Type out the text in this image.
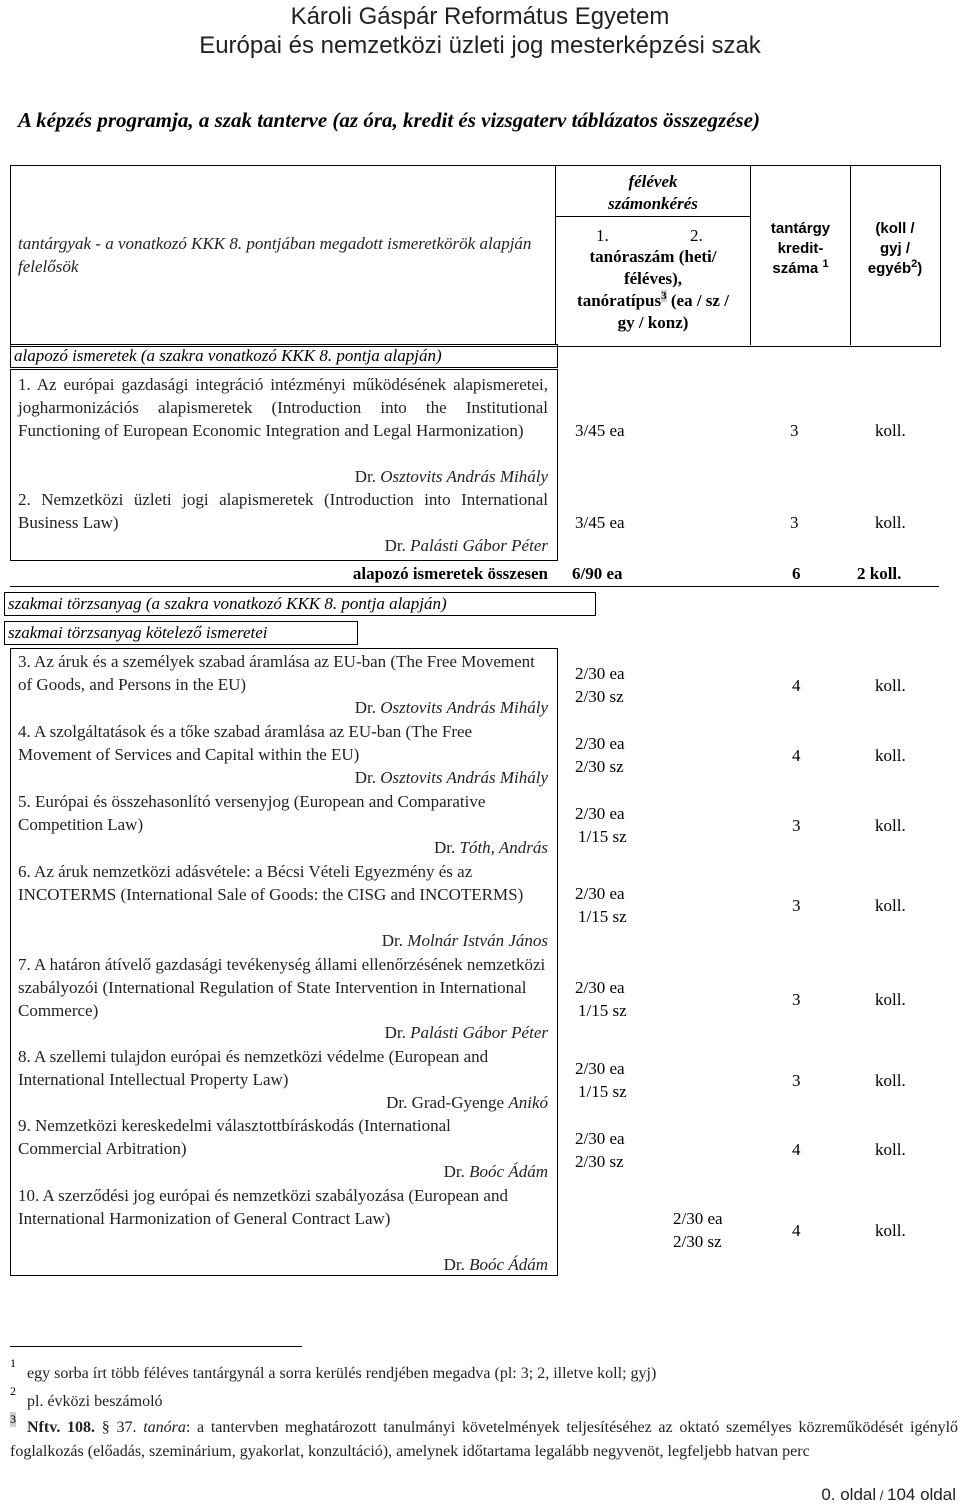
Károli Gáspár Református Egyetem
Európai és nemzetközi üzleti jog mesterképzési szak
A képzés programja, a szak tanterve (az óra, kredit és vizsgaterv táblázatos összegzése)
tantárgyak - a vonatkozó KKK 8. pontjában megadott ismeretkörök alapján felelősök
félévek
számonkérés
1.	2.
tanóraszám (heti/
féléves),
tanóratípus$^3$ (ea / sz /
gy / konz)
tantárgy
kredit-
száma $^1$
(koll /
gyj /
egyéb$^2$)
alapozó ismeretek (a szakra vonatkozó KKK 8. pontja alapján)
1. Az európai gazdasági integráció intézményi működésének alapismeretei, jogharmonizációs alapismeretek (Introduction into the Institutional Functioning of European Economic Integration and Legal Harmonization)
Dr. Osztovits András Mihály
3/45 ea	3	koll.
2. Nemzetközi üzleti jogi alapismeretek (Introduction into International Business Law)
Dr. Palásti Gábor Péter
3/45 ea	3	koll.
alapozó ismeretek összesen 6/90 ea	6	2 koll.
szakmai törzsanyag (a szakra vonatkozó KKK 8. pontja alapján)
szakmai törzsanyag kötelező ismeretei
3. Az áruk és a személyek szabad áramlása az EU-ban (The Free Movement of Goods, and Persons in the EU)
Dr. Osztovits András Mihály
2/30 ea
2/30 sz
4	koll.
4. A szolgáltatások és a tőke szabad áramlása az EU-ban (The Free Movement of Services and Capital within the EU)
Dr. Osztovits András Mihály
2/30 ea
2/30 sz
4	koll.
5. Európai és összehasonlító versenyjog (European and Comparative Competition Law)
Dr. Tóth, András
2/30 ea
1/15 sz
3	koll.
6. Az áruk nemzetközi adásvétele: a Bécsi Vételi Egyezmény és az INCOTERMS (International Sale of Goods: the CISG and INCOTERMS)
Dr. Molnár István János
2/30 ea
1/15 sz
3	koll.
7. A határon átívelő gazdasági tevékenység állami ellenőrzésének nemzetközi szabályozói (International Regulation of State Intervention in International Commerce)
Dr. Palásti Gábor Péter
2/30 ea
1/15 sz
3	koll.
8. A szellemi tulajdon európai és nemzetközi védelme (European and International Intellectual Property Law)
Dr. Grad-Gyenge Anikó
2/30 ea
1/15 sz
3	koll.
9. Nemzetközi kereskedelmi választottbíráskodás (International Commercial Arbitration)
Dr. Boóc Ádám
2/30 ea
2/30 sz
4	koll.
10. A szerződési jog európai és nemzetközi szabályozása (European and International Harmonization of General Contract Law)
Dr. Boóc Ádám
2/30 ea
2/30 sz
4	koll.
1
egy sorba írt több féléves tantárgynál a sorra kerülés rendjében megadva (pl: 3; 2, illetve koll; gyj)
2
pl. évközi beszámoló
3 Nftv. 108. § 37. tanóra: a tantervben meghatározott tanulmányi követelmények teljesítéséhez az oktató személyes közreműködését igénylő foglalkozás (előadás, szeminárium, gyakorlat, konzultáció), amelynek időtartama legalább negyvenöt, legfeljebb hatvan perc
0. oldal / 104 oldal
